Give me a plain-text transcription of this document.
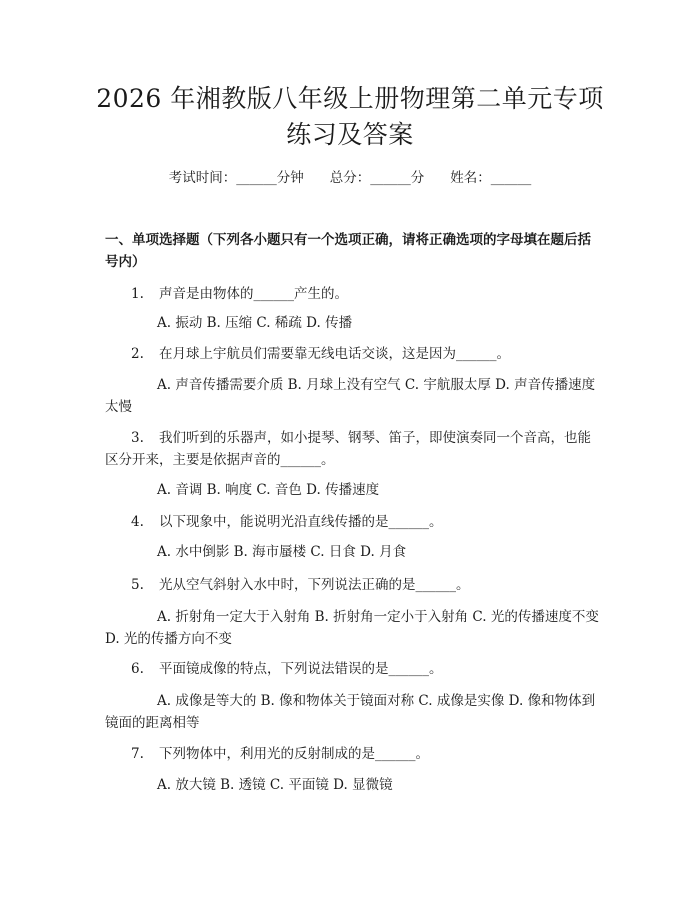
2026 年湘教版八年级上册物理第二单元专项
练习及答案
考试时间：______分钟 总分：______分 姓名：______
一、单项选择题（下列各小题只有一个选项正确，请将正确选项的字母填在题后括号内）
1. 声音是由物体的______产生的。
A. 振动 B. 压缩 C. 稀疏 D. 传播
2. 在月球上宇航员们需要靠无线电话交谈，这是因为______。
A. 声音传播需要介质 B. 月球上没有空气 C. 宇航服太厚 D. 声音传播速度太慢
3. 我们听到的乐器声，如小提琴、钢琴、笛子，即使演奏同一个音高，也能区分开来，主要是依据声音的______。
A. 音调 B. 响度 C. 音色 D. 传播速度
4. 以下现象中，能说明光沿直线传播的是______。
A. 水中倒影 B. 海市蜃楼 C. 日食 D. 月食
5. 光从空气斜射入水中时，下列说法正确的是______。
A. 折射角一定大于入射角 B. 折射角一定小于入射角 C. 光的传播速度不变 D. 光的传播方向不变
6. 平面镜成像的特点，下列说法错误的是______。
A. 成像是等大的 B. 像和物体关于镜面对称 C. 成像是实像 D. 像和物体到镜面的距离相等
7. 下列物体中，利用光的反射制成的是______。
A. 放大镜 B. 透镜 C. 平面镜 D. 显微镜
